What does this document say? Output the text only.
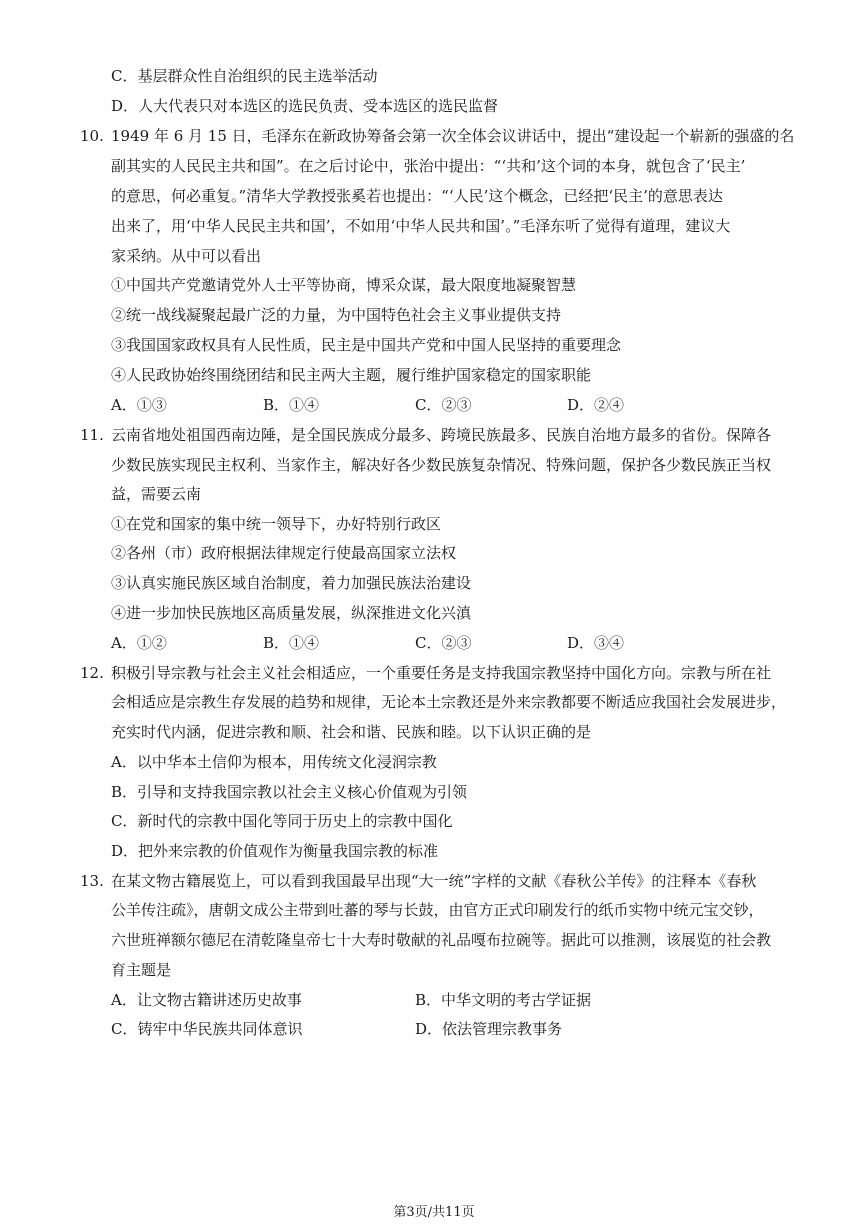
C．基层群众性自治组织的民主选举活动
D．人大代表只对本选区的选民负责、受本选区的选民监督
10. 1949 年 6 月 15 日，毛泽东在新政协筹备会第一次全体会议讲话中，提出“建设起一个崭新的强盛的名
副其实的人民民主共和国”。在之后讨论中，张治中提出：“‘共和’这个词的本身，就包含了‘民主’
的意思，何必重复。”清华大学教授张奚若也提出：“‘人民’这个概念，已经把‘民主’的意思表达
出来了，用‘中华人民民主共和国’，不如用‘中华人民共和国’。”毛泽东听了觉得有道理，建议大
家采纳。从中可以看出
①中国共产党邀请党外人士平等协商，博采众谋，最大限度地凝聚智慧
②统一战线凝聚起最广泛的力量，为中国特色社会主义事业提供支持
③我国国家政权具有人民性质，民主是中国共产党和中国人民坚持的重要理念
④人民政协始终围绕团结和民主两大主题，履行维护国家稳定的国家职能
A．①③	B．①④	C．②③	D．②④
11. 云南省地处祖国西南边陲，是全国民族成分最多、跨境民族最多、民族自治地方最多的省份。保障各
少数民族实现民主权利、当家作主，解决好各少数民族复杂情况、特殊问题，保护各少数民族正当权
益，需要云南
①在党和国家的集中统一领导下，办好特别行政区
②各州（市）政府根据法律规定行使最高国家立法权
③认真实施民族区域自治制度，着力加强民族法治建设
④进一步加快民族地区高质量发展，纵深推进文化兴滇
A．①②	B．①④	C．②③	D．③④
12. 积极引导宗教与社会主义社会相适应，一个重要任务是支持我国宗教坚持中国化方向。宗教与所在社
会相适应是宗教生存发展的趋势和规律，无论本土宗教还是外来宗教都要不断适应我国社会发展进步，
充实时代内涵，促进宗教和顺、社会和谐、民族和睦。以下认识正确的是
A．以中华本土信仰为根本，用传统文化浸润宗教
B．引导和支持我国宗教以社会主义核心价值观为引领
C．新时代的宗教中国化等同于历史上的宗教中国化
D．把外来宗教的价值观作为衡量我国宗教的标准
13. 在某文物古籍展览上，可以看到我国最早出现“大一统”字样的文献《春秋公羊传》的注释本《春秋
公羊传注疏》，唐朝文成公主带到吐蕃的琴与长鼓，由官方正式印刷发行的纸币实物中统元宝交钞，
六世班禅额尔德尼在清乾隆皇帝七十大寿时敬献的礼品嘎布拉碗等。据此可以推测，该展览的社会教
育主题是
A．让文物古籍讲述历史故事	B．中华文明的考古学证据
C．铸牢中华民族共同体意识	D．依法管理宗教事务
第3页/共11页
